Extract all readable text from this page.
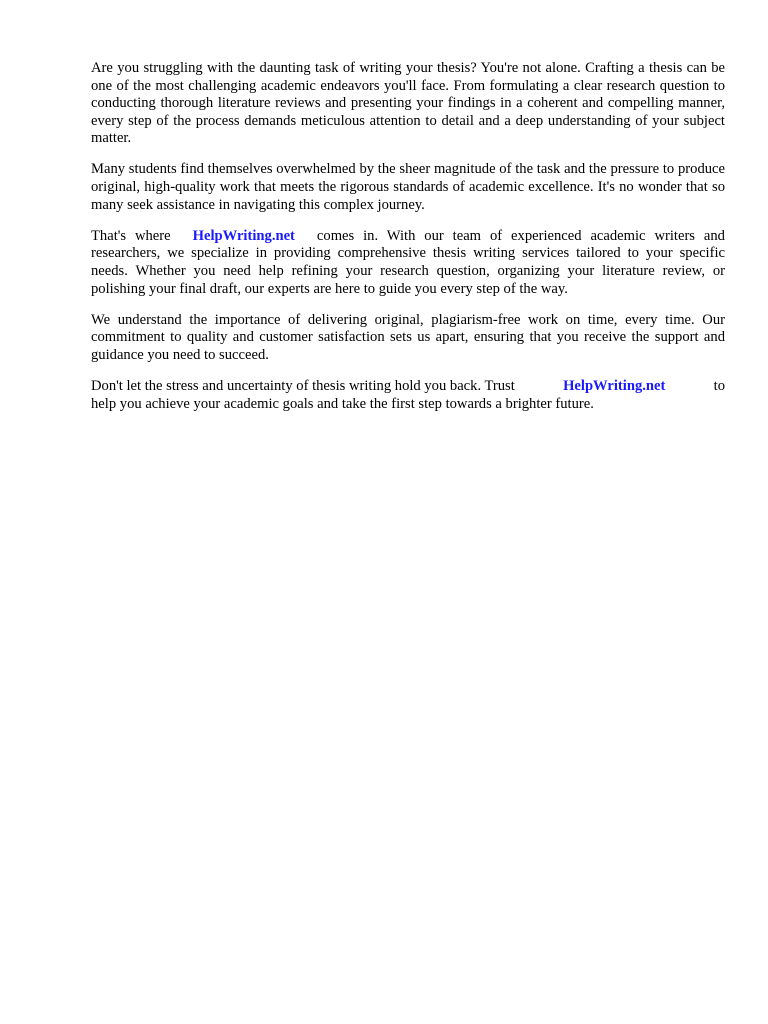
Are you struggling with the daunting task of writing your thesis? You're not alone. Crafting a thesis can be one of the most challenging academic endeavors you'll face. From formulating a clear research question to conducting thorough literature reviews and presenting your findings in a coherent and compelling manner, every step of the process demands meticulous attention to detail and a deep understanding of your subject matter.

Many students find themselves overwhelmed by the sheer magnitude of the task and the pressure to produce original, high-quality work that meets the rigorous standards of academic excellence. It's no wonder that so many seek assistance in navigating this complex journey.

That's where HelpWriting.net comes in. With our team of experienced academic writers and researchers, we specialize in providing comprehensive thesis writing services tailored to your specific needs. Whether you need help refining your research question, organizing your literature review, or polishing your final draft, our experts are here to guide you every step of the way.

We understand the importance of delivering original, plagiarism-free work on time, every time. Our commitment to quality and customer satisfaction sets us apart, ensuring that you receive the support and guidance you need to succeed.

Don't let the stress and uncertainty of thesis writing hold you back. Trust	HelpWriting.net	to
help you achieve your academic goals and take the first step towards a brighter future.
